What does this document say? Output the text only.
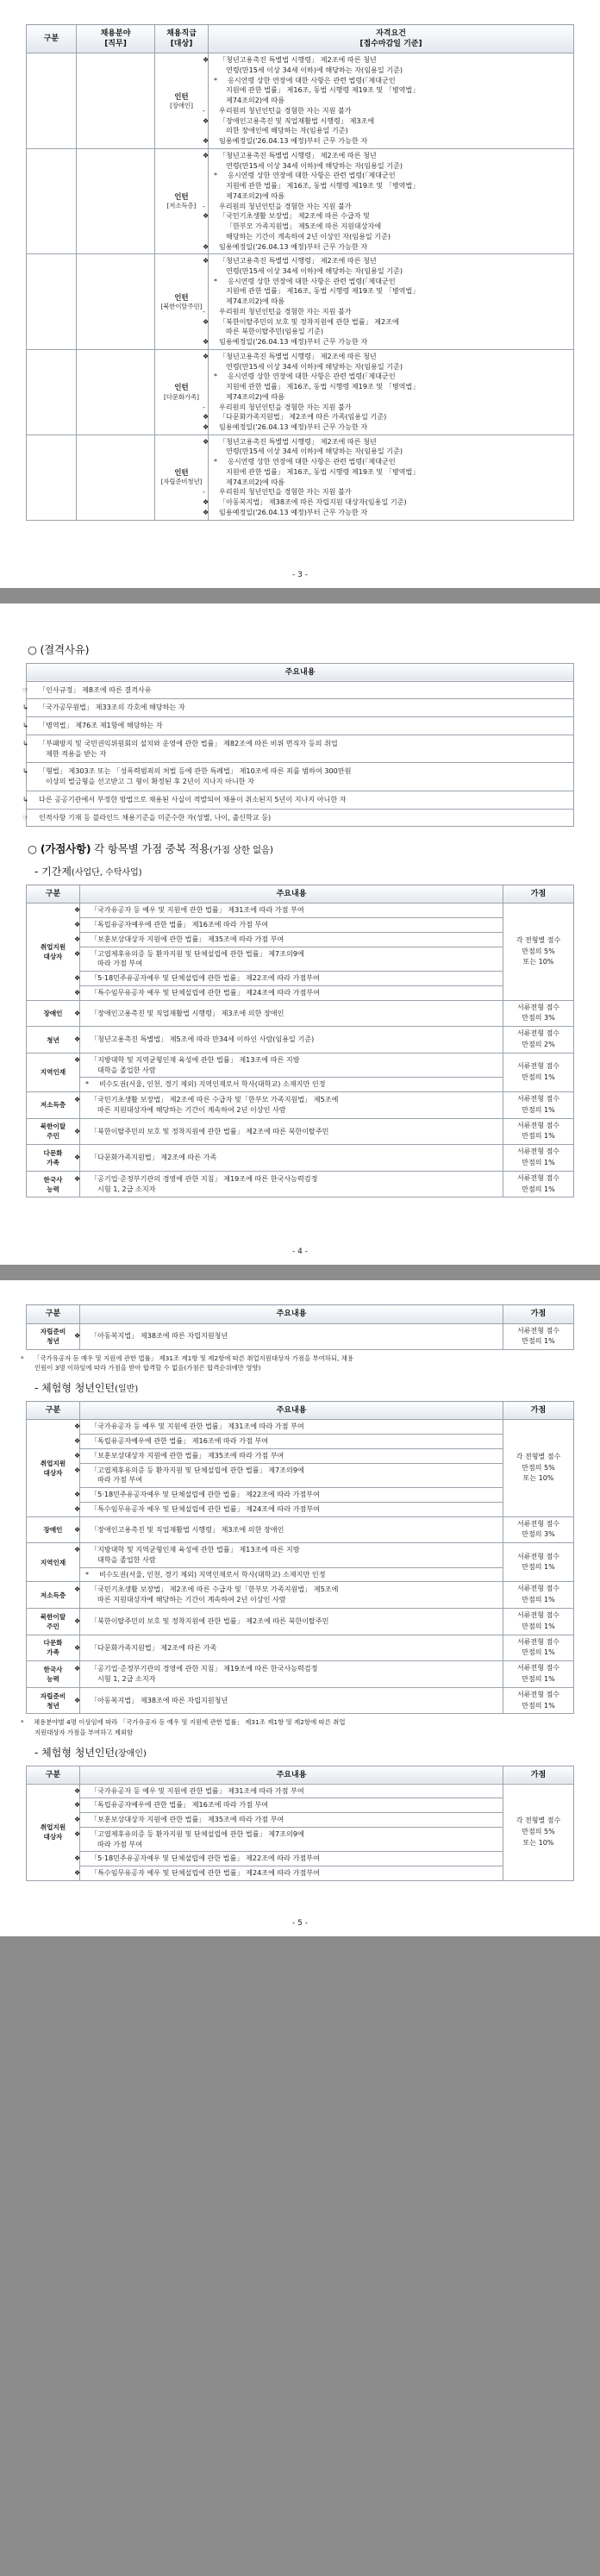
구분	채용분야
[직무]	채용직급
[대상]	자격요건
[접수마감일 기준]

		인턴
[장애인]

❖ 「청년고용촉진 특별법 시행령」 제2조에 따른 청년
연령(만15세 이상 34세 이하)에 해당하는 자(임용일 기준)
* 응시연령 상한 연장에 대한 사항은 관련 법령(「제대군인
지원에 관한 법률」 제16조, 동법 시행령 제19조 및 「병역법」
제74조의2)에 따름
- 우리원의 청년인턴을 경험한 자는 지원 불가
❖ 「장애인고용촉진 및 직업재활법 시행령」 제3조에
의한 장애인에 해당하는 자(임용일 기준)
❖ 임용예정일('26.04.13 예정)부터 근무 가능한 자

		인턴
[저소득층]

❖ 「청년고용촉진 특별법 시행령」 제2조에 따른 청년
연령(만15세 이상 34세 이하)에 해당하는 자(임용일 기준)
* 응시연령 상한 연장에 대한 사항은 관련 법령(「제대군인
지원에 관한 법률」 제16조, 동법 시행령 제19조 및 「병역법」
제74조의2)에 따름
- 우리원의 청년인턴을 경험한 자는 지원 불가
❖ 「국민기초생활 보장법」 제2조에 따른 수급자 및
「한부모 가족지원법」 제5조에 따른 지원대상자에
해당하는 기간이 계속하여 2년 이상인 자(임용일 기준)
❖ 임용예정일('26.04.13 예정)부터 근무 가능한 자

		인턴
[북한이탈주민]

❖ 「청년고용촉진 특별법 시행령」 제2조에 따른 청년
연령(만15세 이상 34세 이하)에 해당하는 자(임용일 기준)
* 응시연령 상한 연장에 대한 사항은 관련 법령(「제대군인
지원에 관한 법률」 제16조, 동법 시행령 제19조 및 「병역법」
제74조의2)에 따름
- 우리원의 청년인턴을 경험한 자는 지원 불가
❖ 「북한이탈주민의 보호 및 정착지원에 관한 법률」 제2조에
따른 북한이탈주민(임용일 기준)
❖ 임용예정일('26.04.13 예정)부터 근무 가능한 자

		인턴
[다문화가족]

❖ 「청년고용촉진 특별법 시행령」 제2조에 따른 청년
연령(만15세 이상 34세 이하)에 해당하는 자(임용일 기준)
* 응시연령 상한 연장에 대한 사항은 관련 법령(「제대군인
지원에 관한 법률」 제16조, 동법 시행령 제19조 및 「병역법」
제74조의2)에 따름
- 우리원의 청년인턴을 경험한 자는 지원 불가
❖ 「다문화가족지원법」 제2조에 따른 가족(임용일 기준)
❖ 임용예정일('26.04.13 예정)부터 근무 가능한 자

		인턴
[자립준비청년]

❖ 「청년고용촉진 특별법 시행령」 제2조에 따른 청년
연령(만15세 이상 34세 이하)에 해당하는 자(임용일 기준)
* 응시연령 상한 연장에 대한 사항은 관련 법령(「제대군인
지원에 관한 법률」 제16조, 동법 시행령 제19조 및 「병역법」
제74조의2)에 따름
- 우리원의 청년인턴을 경험한 자는 지원 불가
❖ 「아동복지법」 제38조에 따른 자립지원 대상자(임용일 기준)
❖ 임용예정일('26.04.13 예정)부터 근무 가능한 자
- 3 -
○ (결격사유)
주요내용

☞ 「인사규정」 제8조에 따른 결격사유

↳ 「국가공무원법」 제33조의 각호에 해당하는 자

↳ 「병역법」 제76조 제1항에 해당하는 자

↳ 「부패방지 및 국민권익위원회의 설치와 운영에 관한 법률」 제82조에 따른 비위 면직자 등의 취업
제한 적용을 받는 자

↳ 「형법」 제303조 또는 「성폭력범죄의 처벌 등에 관한 특례법」 제10조에 따른 죄를 범하여 300만원
이상의 벌금형을 선고받고 그 형이 확정된 후 2년이 지나지 아니한 자

↳ 다른 공공기관에서 부정한 방법으로 채용된 사실이 적발되어 채용이 취소된지 5년이 지나지 아니한 자

☞ 인적사항 기재 등 블라인드 채용기준을 미준수한 자(성별, 나이, 출신학교 등)
○ (가점사항) 각 항목별 가점 중복 적용(가점 상한 없음)
- 기간제(사업단, 수탁사업)
구분	주요내용	가점

취업지원
대상자	❖ 「국가유공자 등 예우 및 지원에 관한 법률」 제31조에 따라 가점 부여	각 전형별 점수
만점의 5%
또는 10%

	❖ 「독립유공자예우에 관한 법률」 제16조에 따라 가점 부여	

	❖ 「보훈보상대상자 지원에 관한 법률」 제35조에 따라 가점 부여	

	❖ 「고엽제후유의증 등 환자지원 및 단체설립에 관한 법률」 제7조의9에
따라 가점 부여	

	❖ 「5·18민주유공자예우 및 단체설립에 관한 법률」 제22조에 따라 가점부여	

	❖ 「특수임무유공자 예우 및 단체설립에 관한 법률」 제24조에 따라 가점부여	

장애인	❖ 「장애인고용촉진 및 직업재활법 시행령」 제3조에 의한 장애인	서류전형 점수
만점의 3%

청년	❖ 「청년고용촉진 특별법」 제5조에 따라 만34세 이하인 사람(임용일 기준)	서류전형 점수
만점의 2%

지역인재

❖ 「지방대학 및 지역균형인재 육성에 관한 법률」 제13조에 따른 지방
대학을 졸업한 사람	서류전형 점수
만점의 1%

	* 비수도권(서울, 인천, 경기 제외) 지역인재로서 학사(대학교) 소재지만 인정	

저소득층

❖ 「국민기초생활 보장법」 제2조에 따른 수급자 및「한부모 가족지원법」 제5조에
따른 지원대상자에 해당하는 기간이 계속하여 2년 이상인 사람

서류전형 점수
만점의 1%

북한이탈
주민	❖ 「북한이탈주민의 보호 및 정착지원에 관한 법률」 제2조에 따른 북한이탈주민	서류전형 점수
만점의 1%

다문화
가족	❖ 「다문화가족지원법」 제2조에 따른 가족	서류전형 점수
만점의 1%

한국사
능력

❖ 「공기업·준정부기관의 경영에 관한 지침」 제19조에 따른 한국사능력검정
시험 1, 2급 소지자

서류전형 점수
만점의 1%
- 4 -
구분	주요내용	가점

자립준비
청년	❖ 「아동복지법」 제38조에 따른 자립지원청년	서류전형 점수
만점의 1%
* 「국가유공자 등 예우 및 지원에 관한 법률」 제31조 제1항 및 제2항에 따른 취업지원대상자 가점을 부여하되, 채용
인원이 3명 이하임에 따라 가점을 받아 합격할 수 없음(가점은 합격순위에만 영향)
- 체험형 청년인턴(일반)
구분	주요내용	가점

취업지원
대상자	❖ 「국가유공자 등 예우 및 지원에 관한 법률」 제31조에 따라 가점 부여	각 전형별 점수
만점의 5%
또는 10%

	❖ 「독립유공자예우에 관한 법률」 제16조에 따라 가점 부여	

	❖ 「보훈보상대상자 지원에 관한 법률」 제35조에 따라 가점 부여	

	❖ 「고엽제후유의증 등 환자지원 및 단체설립에 관한 법률」 제7조의9에
따라 가점 부여	

	❖ 「5·18민주유공자예우 및 단체설립에 관한 법률」 제22조에 따라 가점부여	

	❖ 「특수임무유공자 예우 및 단체설립에 관한 법률」 제24조에 따라 가점부여	

장애인	❖ 「장애인고용촉진 및 직업재활법 시행령」 제3조에 의한 장애인	서류전형 점수
만점의 3%

지역인재

❖ 「지방대학 및 지역균형인재 육성에 관한 법률」 제13조에 따른 지방
대학을 졸업한 사람	서류전형 점수
만점의 1%

	* 비수도권(서울, 인천, 경기 제외) 지역인재로서 학사(대학교) 소재지만 인정	

저소득층

❖ 「국민기초생활 보장법」 제2조에 따른 수급자 및「한부모 가족지원법」 제5조에
따른 지원대상자에 해당하는 기간이 계속하여 2년 이상인 사람

서류전형 점수
만점의 1%

북한이탈
주민	❖ 「북한이탈주민의 보호 및 정착지원에 관한 법률」 제2조에 따른 북한이탈주민	서류전형 점수
만점의 1%

다문화
가족	❖ 「다문화가족지원법」 제2조에 따른 가족	서류전형 점수
만점의 1%

한국사
능력

❖ 「공기업·준정부기관의 경영에 관한 지침」 제19조에 따른 한국사능력검정
시험 1, 2급 소지자

서류전형 점수
만점의 1%

자립준비
청년	❖ 「아동복지법」 제38조에 따른 자립지원청년	서류전형 점수
만점의 1%
* 채용분야별 4명 이상임에 따라 「국가유공자 등 예우 및 지원에 관한 법률」 제31조 제1항 및 제2항에 따른 취업
지원대상자 가점을 부여하고 제외함
- 체험형 청년인턴(장애인)
구분	주요내용	가점

취업지원
대상자	❖ 「국가유공자 등 예우 및 지원에 관한 법률」 제31조에 따라 가점 부여	각 전형별 점수
만점의 5%
또는 10%

	❖ 「독립유공자예우에 관한 법률」 제16조에 따라 가점 부여	

	❖ 「보훈보상대상자 지원에 관한 법률」 제35조에 따라 가점 부여	

	❖ 「고엽제후유의증 등 환자지원 및 단체설립에 관한 법률」 제7조의9에
따라 가점 부여	

	❖ 「5·18민주유공자예우 및 단체설립에 관한 법률」 제22조에 따라 가점부여	

	❖ 「특수임무유공자 예우 및 단체설립에 관한 법률」 제24조에 따라 가점부여	
- 5 -
